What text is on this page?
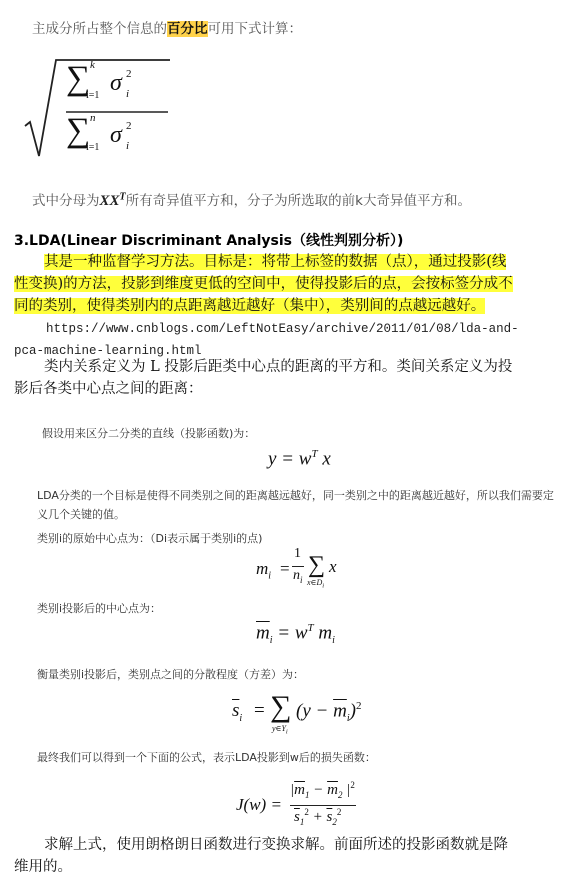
主成分所占整个信息的百分比可用下式计算：
∑ k
i=1 σ 2
i
∑ n
i=1 σ 2
i
式中分母为$XX^T$所有奇异值平方和，分子为所选取的前k大奇异值平方和。
3.LDA(Linear Discriminant Analysis（线性判别分析）)
其是一种监督学习方法。目标是：将带上标签的数据（点），通过投影(线
性变换)的方法，投影到维度更低的空间中，使得投影后的点，会按标签分成不
同的类别，使得类别内的点距离越近越好（集中），类别间的点越远越好。
https://www.cnblogs.com/LeftNotEasy/archive/2011/01/08/lda-and-
pca-machine-learning.html
类内关系定义为 L 投影后距类中心点的距离的平方和。类间关系定义为投
影后各类中心点之间的距离：
假设用来区分二分类的直线（投影函数)为：
$y = w^T$ x
LDA分类的一个目标是使得不同类别之间的距离越远越好，同一类别之中的距离越近越好，所以我们需要定
义几个关键的值。
类别i的原始中心点为：（Di表示属于类别i的点)
$m_i$ =
1
$n_i$
∑
$x\in D_i$
x
类别i投影后的中心点为：
$\overline{m}_i = w^T$ $m_i$
衡量类别i投影后，类别点之间的分散程度（方差）为：
$\overline{s}_i$ = ∑
$y\in Y_i$
$(y - \overline{m}_i)^2$
最终我们可以得到一个下面的公式，表示LDA投影到w后的损失函数：
J(w) =
$|\overline{m}_1 - \overline{m}_2$ $|^2$
$\overline{s}_1^2 + \overline{s}_2^2$
求解上式，使用朗格朗日函数进行变换求解。前面所述的投影函数就是降
维用的。
